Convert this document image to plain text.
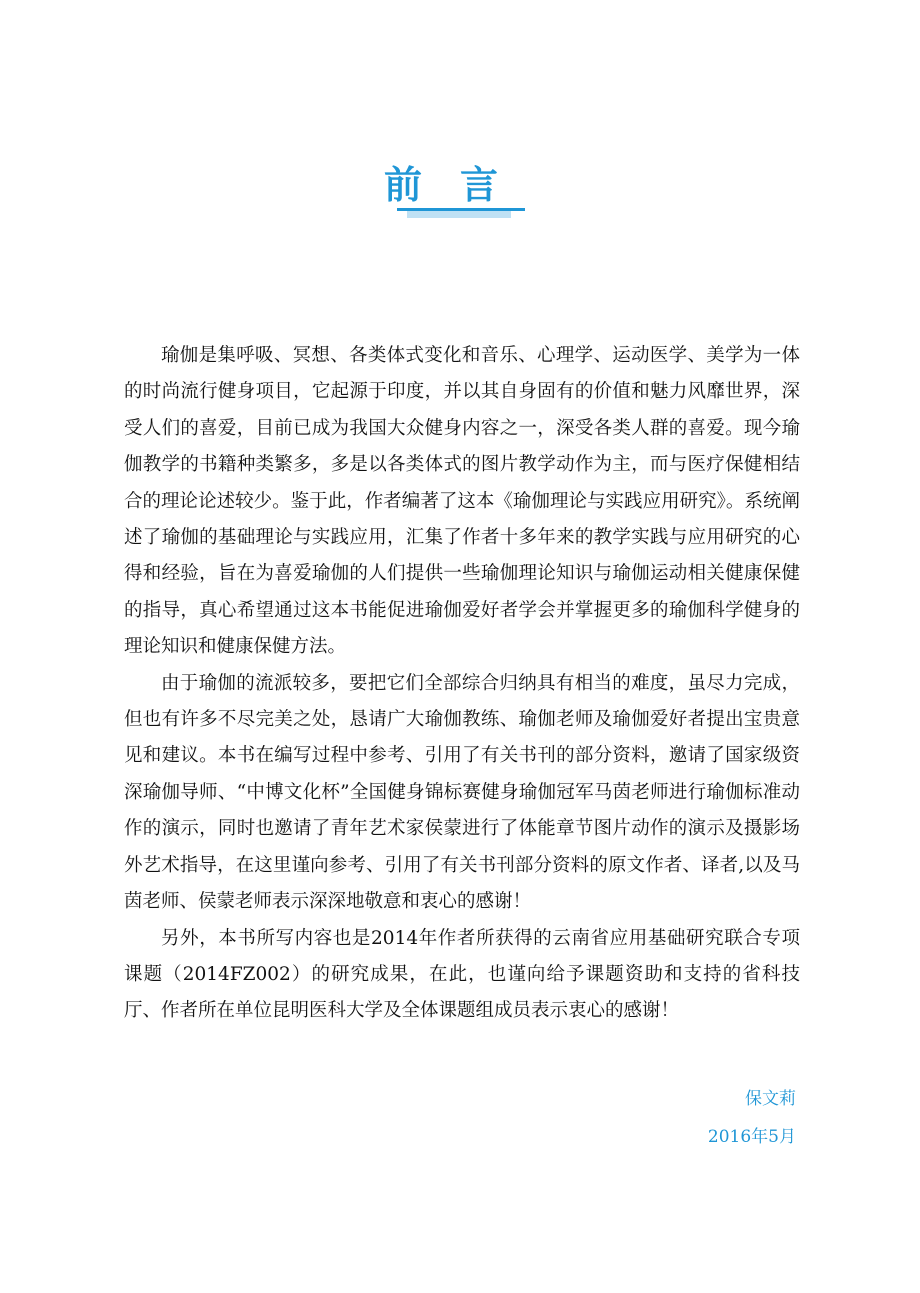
前言

瑜伽是集呼吸、冥想、各类体式变化和音乐、心理学、运动医学、美学为一体的时尚流行健身项目，它起源于印度，并以其自身固有的价值和魅力风靡世界，深受人们的喜爱，目前已成为我国大众健身内容之一，深受各类人群的喜爱。现今瑜伽教学的书籍种类繁多，多是以各类体式的图片教学动作为主，而与医疗保健相结合的理论论述较少。鉴于此，作者编著了这本《瑜伽理论与实践应用研究》。系统阐述了瑜伽的基础理论与实践应用，汇集了作者十多年来的教学实践与应用研究的心得和经验，旨在为喜爱瑜伽的人们提供一些瑜伽理论知识与瑜伽运动相关健康保健的指导，真心希望通过这本书能促进瑜伽爱好者学会并掌握更多的瑜伽科学健身的理论知识和健康保健方法。

由于瑜伽的流派较多，要把它们全部综合归纳具有相当的难度，虽尽力完成，但也有许多不尽完美之处，恳请广大瑜伽教练、瑜伽老师及瑜伽爱好者提出宝贵意见和建议。本书在编写过程中参考、引用了有关书刊的部分资料，邀请了国家级资深瑜伽导师、“中博文化杯”全国健身锦标赛健身瑜伽冠军马茵老师进行瑜伽标准动作的演示，同时也邀请了青年艺术家侯蒙进行了体能章节图片动作的演示及摄影场外艺术指导，在这里谨向参考、引用了有关书刊部分资料的原文作者、译者,以及马茵老师、侯蒙老师表示深深地敬意和衷心的感谢！

另外，本书所写内容也是2014年作者所获得的云南省应用基础研究联合专项课题（2014FZ002）的研究成果，在此，也谨向给予课题资助和支持的省科技厅、作者所在单位昆明医科大学及全体课题组成员表示衷心的感谢！

保文莉
2016年5月
